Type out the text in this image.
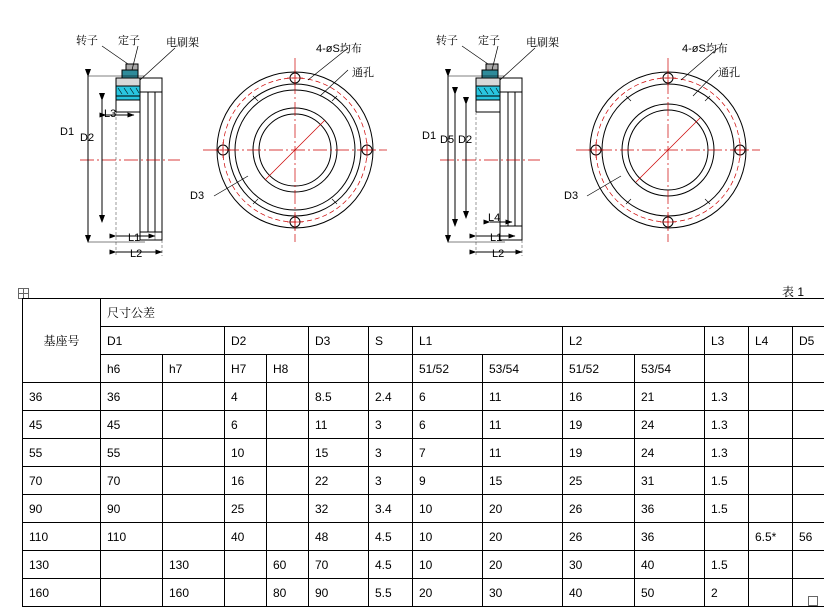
转子 定子 电刷架
D1 D2
L3
L1
L2
4-øS均布
通孔
D3
转子 定子 电刷架
D1 D5 D2
L4
L1
L2
4-øS均布
通孔
D3
表 1
基座号	尺寸公差												
	D1		D2		D3	S	L1		L2		L3	L4	D5
	h6	h7	H7	H8			51/52	53/54	51/52	53/54			
36	36		4		8.5	2.4	6	11	16	21	1.3		
45	45		6		11	3	6	11	19	24	1.3		
55	55		10		15	3	7	11	19	24	1.3		
70	70		16		22	3	9	15	25	31	1.5		
90	90		25		32	3.4	10	20	26	36	1.5		
110	110		40		48	4.5	10	20	26	36		6.5*	56
130		130		60	70	4.5	10	20	30	40	1.5		
160		160		80	90	5.5	20	30	40	50	2		
